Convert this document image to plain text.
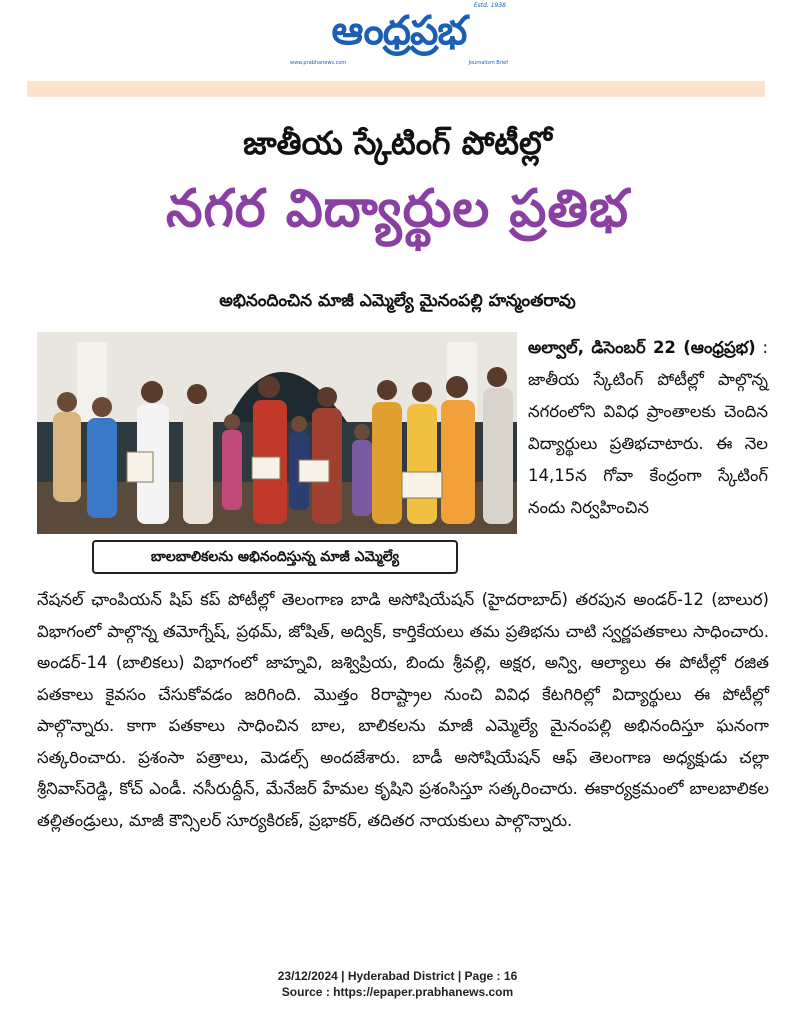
ఆంధ్రప్రభ
Estd. 1938
www.prabhanews.com	Journalism Brief
జాతీయ స్కేటింగ్ పోటీల్లో
నగర విద్యార్థుల ప్రతిభ
అభినందించిన మాజీ ఎమ్మెల్యే మైనంపల్లి హన్మంతరావు
బాలబాలికలను అభినందిస్తున్న మాజీ ఎమ్మెల్యే
అల్వాల్, డిసెంబర్ 22 (ఆంధ్రప్రభ) : జాతీయ స్కేటింగ్ పోటీల్లో పాల్గొన్న నగరంలోని వివిధ ప్రాంతాలకు చెందిన విద్యార్థులు ప్రతిభచాటారు. ఈ నెల 14,15న గోవా కేంద్రంగా స్కేటింగ్ నందు నిర్వహించిన
నేషనల్ ఛాంపియన్ షిప్ కప్ పోటీల్లో తెలంగాణ బాడి అసోషియేషన్ (హైదరాబాద్) తరపున అండర్-12 (బాలుర) విభాగంలో పాల్గొన్న తమోగ్నేష్, ప్రథమ్, జోషిత్, అద్విక్, కార్తికేయలు తమ ప్రతిభను చాటి స్వర్ణపతకాలు సాధించారు. అండర్-14 (బాలికలు) విభాగంలో జాహ్నవి, జశ్విప్రియ, బిందు శ్రీవల్లి, అక్షర, అన్వి, ఆల్యాలు ఈ పోటీల్లో రజిత పతకాలు కైవసం చేసుకోవడం జరిగింది. మొత్తం 8రాష్ట్రాల నుంచి వివిధ కేటగిరిల్లో విద్యార్థులు ఈ పోటీల్లో పాల్గొన్నారు. కాగా పతకాలు సాధించిన బాల, బాలికలను మాజీ ఎమ్మెల్యే మైనంపల్లి అభినందిస్తూ ఘనంగా సత్కరించారు. ప్రశంసా పత్రాలు, మెడల్స్ అందజేశారు. బాడీ అసోషియేషన్ ఆఫ్ తెలంగాణ అధ్యక్షుడు చల్లా శ్రీనివాస్‌రెడ్డి, కోచ్ ఎండీ. నసీరుద్దీన్, మేనేజర్ హేమల కృషిని ప్రశంసిస్తూ సత్కరించారు. ఈకార్యక్రమంలో బాలబాలికల తల్లితండ్రులు, మాజీ కౌన్సిలర్ సూర్యకిరణ్, ప్రభాకర్, తదితర నాయకులు పాల్గొన్నారు.
23/12/2024 | Hyderabad District | Page : 16
Source : https://epaper.prabhanews.com
